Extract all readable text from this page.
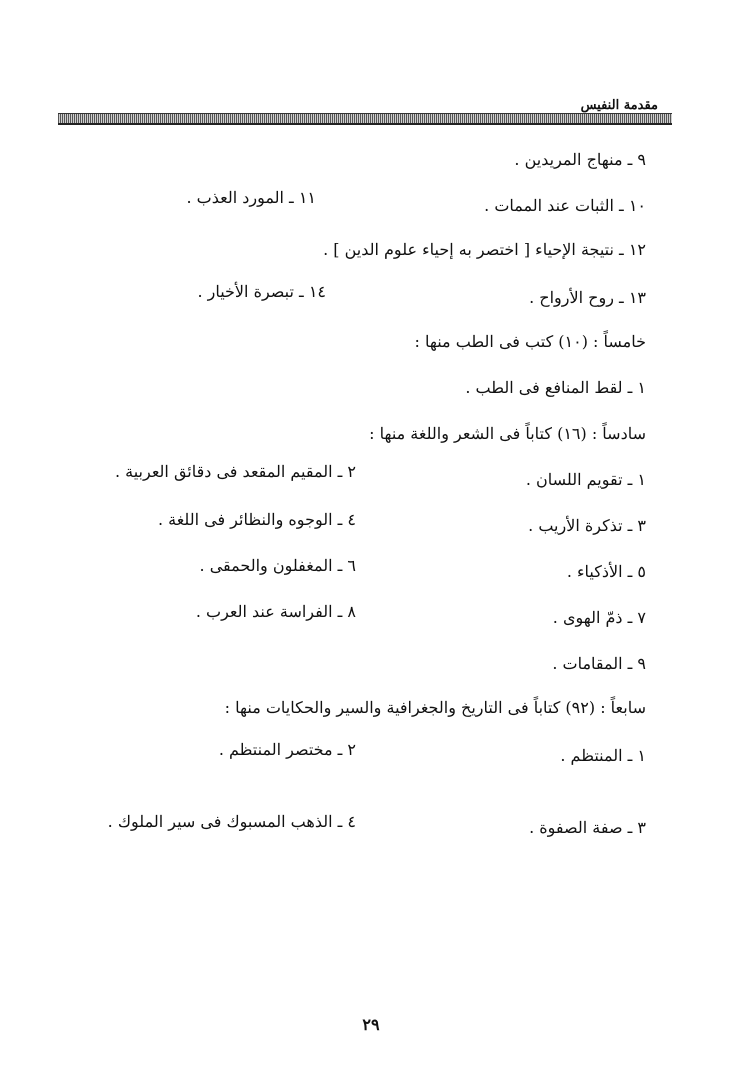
مقدمة النفيس
٩ ـ منهاج المريدين .
١٠ ـ الثبات عند الممات .
١١ ـ المورد العذب .
١٢ ـ نتيجة الإحياء [ اختصر به إحياء علوم الدين ] .
١٣ ـ روح الأرواح .
١٤ ـ تبصرة الأخيار .
خامساً : (١٠) كتب فى الطب منها :
١ ـ لقط المنافع فى الطب .
سادساً : (١٦) كتاباً فى الشعر واللغة منها :
١ ـ تقويم اللسان .
٢ ـ المقيم المقعد فى دقائق العربية .
٣ ـ تذكرة الأريب .
٤ ـ الوجوه والنظائر فى اللغة .
٥ ـ الأذكياء .
٦ ـ المغفلون والحمقى .
٧ ـ ذمّ الهوى .
٨ ـ الفراسة عند العرب .
٩ ـ المقامات .
سابعاً : (٩٢) كتاباً فى التاريخ والجغرافية والسير والحكايات منها :
١ ـ المنتظم .
٢ ـ مختصر المنتظم .
٣ ـ صفة الصفوة .
٤ ـ الذهب المسبوك فى سير الملوك .
٢٩
